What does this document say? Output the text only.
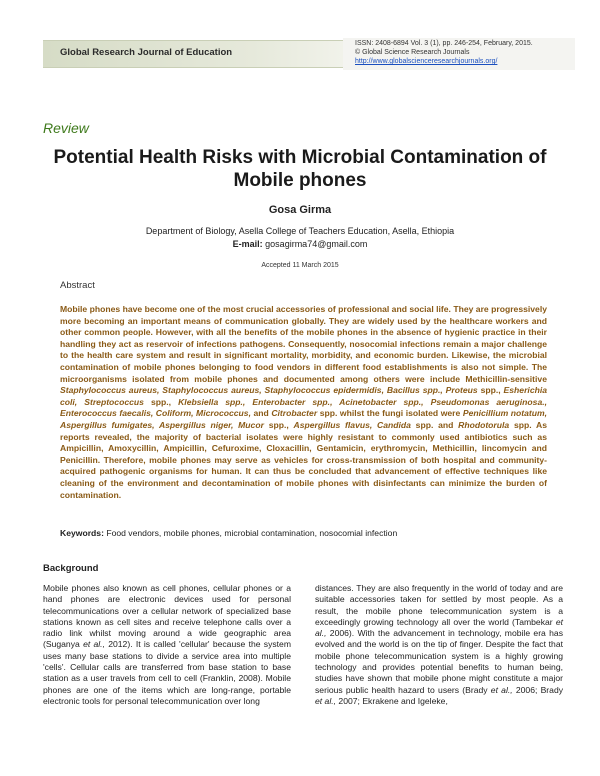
Global Research Journal of Education
ISSN: 2408-6894 Vol. 3 (1), pp. 246-254, February, 2015.
© Global Science Research Journals
http://www.globalscienceresearchjournals.org/
Review
Potential Health Risks with Microbial Contamination of Mobile phones
Gosa Girma
Department of Biology, Asella College of Teachers Education, Asella, Ethiopia
E-mail: gosagirma74@gmail.com
Accepted 11 March 2015
Abstract
Mobile phones have become one of the most crucial accessories of professional and social life. They are progressively more becoming an important means of communication globally. They are widely used by the healthcare workers and other common people. However, with all the benefits of the mobile phones in the absence of hygienic practice in their handling they act as reservoir of infections pathogens. Consequently, nosocomial infections remain a major challenge to the health care system and result in significant mortality, morbidity, and economic burden. Likewise, the microbial contamination of mobile phones belonging to food vendors in different food establishments is also not simple. The microorganisms isolated from mobile phones and documented among others were include Methicillin-sensitive Staphylococcus aureus, Staphylococcus aureus, Staphylococcus epidermidis, Bacillus spp., Proteus spp., Esherichia coli, Streptococcus spp., Klebsiella spp., Enterobacter spp., Acinetobacter spp., Pseudomonas aeruginosa., Enterococcus faecalis, Coliform, Micrococcus, and Citrobacter spp. whilst the fungi isolated were Penicillium notatum, Aspergillus fumigates, Aspergillus niger, Mucor spp., Aspergillus flavus, Candida spp. and Rhodotorula spp. As reports revealed, the majority of bacterial isolates were highly resistant to commonly used antibiotics such as Ampicillin, Amoxycillin, Ampicillin, Cefuroxime, Cloxacillin, Gentamicin, erythromycin, Methicillin, lincomycin and Penicillin. Therefore, mobile phones may serve as vehicles for cross-transmission of both hospital and community-acquired pathogenic organisms for human. It can thus be concluded that advancement of effective techniques like cleaning of the environment and decontamination of mobile phones with disinfectants can minimize the burden of contamination.
Keywords: Food vendors, mobile phones, microbial contamination, nosocomial infection
Background
Mobile phones also known as cell phones, cellular phones or a hand phones are electronic devices used for personal telecommunications over a cellular network of specialized base stations known as cell sites and receive telephone calls over a radio link whilst moving around a wide geographic area (Suganya et al., 2012). It is called 'cellular' because the system uses many base stations to divide a service area into multiple 'cells'. Cellular calls are transferred from base station to base station as a user travels from cell to cell (Franklin, 2008). Mobile phones are one of the items which are long-range, portable electronic tools for personal telecommunication over long
distances. They are also frequently in the world of today and are suitable accessories taken for settled by most people. As a result, the mobile phone telecommunication system is a exceedingly growing technology all over the world (Tambekar et al., 2006). With the advancement in technology, mobile era has evolved and the world is on the tip of finger. Despite the fact that mobile phone telecommunication system is a highly growing technology and provides potential benefits to human being, studies have shown that mobile phone might constitute a major serious public health hazard to users (Brady et al., 2006; Brady et al., 2007; Ekrakene and Igeleke,
